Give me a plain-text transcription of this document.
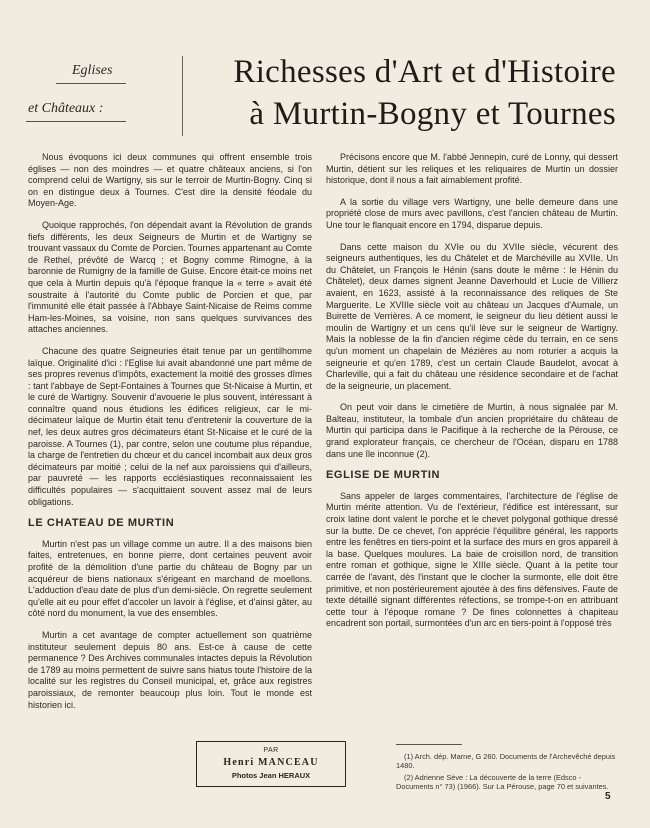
Eglises
et Châteaux :
Richesses d'Art et d'Histoire
à Murtin-Bogny et Tournes

Nous évoquons ici deux communes qui offrent ensemble trois églises — non des moindres — et quatre châteaux anciens, si l'on comprend celui de Wartigny, sis sur le terroir de Murtin-Bogny. Cinq si on en distingue deux à Tournes. C'est dire la densité féodale du Moyen-Age.

Quoique rapprochés, l'on dépendait avant la Révolution de grands fiefs différents, les deux Seigneurs de Murtin et de Wartigny se trouvant vassaux du Comte de Porcien. Tournes appartenant au Comte de Rethel, prévôté de Warcq ; et Bogny comme Rimogne, à la baronnie de Rumigny de la famille de Guise. Encore était-ce moins net que cela à Murtin depuis qu'à l'époque franque la « terre » avait été soustraite à l'autorité du Comte public de Porcien et que, par l'immunité elle était passée à l'Abbaye Saint-Nicaise de Reims comme Ham-les-Moines, sa voisine, non sans quelques survivances des attaches anciennes.

Chacune des quatre Seigneuries était tenue par un gentilhomme laïque. Originalité d'ici : l'Eglise lui avait abandonné une part même de ses propres revenus d'impôts, exactement la moitié des grosses dîmes : tant l'abbaye de Sept-Fontaines à Tournes que St-Nicaise à Murtin, et le curé de Wartigny. Souvenir d'avouerie le plus souvent, intéressant à connaître quand nous étudions les édifices religieux, car le mi-décimateur laïque de Murtin était tenu d'entretenir la couverture de la nef, les deux autres gros décimateurs étant St-Nicaise et le curé de la paroisse. A Tournes (1), par contre, selon une coutume plus répandue, la charge de l'entretien du chœur et du cancel incombait aux deux gros décimateurs par moitié ; celui de la nef aux paroissiens qui d'ailleurs, par pauvreté — les rapports ecclésiastiques reconnaissaient les difficultés populaires — s'acquittaient souvent assez mal de leurs obligations.

LE CHATEAU DE MURTIN

Murtin n'est pas un village comme un autre. Il a des maisons bien faites, entretenues, en bonne pierre, dont certaines peuvent avoir profité de la démolition d'une partie du château de Bogny par un acquéreur de biens nationaux s'érigeant en marchand de moellons. L'adduction d'eau date de plus d'un demi-siècle. On regrette seulement qu'elle ait eu pour effet d'accoler un lavoir à l'église, et d'ainsi gâter, au côté nord du monument, la vue des ensembles.

Murtin a cet avantage de compter actuellement son quatrième instituteur seulement depuis 80 ans. Est-ce à cause de cette permanence ? Des Archives communales intactes depuis la Révolution de 1789 au moins permettent de suivre sans hiatus toute l'histoire de la localité sur les registres du Conseil municipal, et, grâce aux registres paroissiaux, de remonter beaucoup plus loin. Tout le monde est historien ici.

Précisons encore que M. l'abbé Jennepin, curé de Lonny, qui dessert Murtin, détient sur les reliques et les reliquaires de Murtin un dossier historique, dont il nous a fait aimablement profité.

A la sortie du village vers Wartigny, une belle demeure dans une propriété close de murs avec pavillons, c'est l'ancien château de Murtin. Une tour le flanquait encore en 1794, disparue depuis.

Dans cette maison du XVIe ou du XVIIe siècle, vécurent des seigneurs authentiques, les du Châtelet et de Marchéville au XVIIe. Un du Châtelet, un François le Hénin (sans doute le même : le Hénin du Châtelet), deux dames signent Jeanne Daverhould et Lucie de Villierz avaient, en 1623, assisté à la reconnaissance des reliques de Ste Marguerite. Le XVIIIe siècle voit au château un Jacques d'Aumale, un Buirette de Verrières. A ce moment, le seigneur du lieu détient aussi le moulin de Wartigny et un cens qu'il lève sur le seigneur de Wartigny. Mais la noblesse de la fin d'ancien régime cède du terrain, en ce sens qu'un moment un chapelain de Mézières au nom roturier a acquis la seigneurie et qu'en 1789, c'est un certain Claude Baudelot, avocat à Charleville, qui a fait du château une résidence secondaire et de l'achat de la seigneurie, un placement.

On peut voir dans le cimetière de Murtin, à nous signalée par M. Balteau, instituteur, la tombale d'un ancien propriétaire du château de Murtin qui participa dans le Pacifique à la recherche de la Pérouse, ce grand explorateur français, ce chercheur de l'Océan, disparu en 1788 dans une île inconnue (2).

EGLISE DE MURTIN

Sans appeler de larges commentaires, l'architecture de l'église de Murtin mérite attention. Vu de l'extérieur, l'édifice est intéressant, sur croix latine dont valent le porche et le chevet polygonal gothique dressé sur la butte. De ce chevet, l'on apprécie l'équilibre général, les rapports entre les fenêtres en tiers-point et la surface des murs en gros appareil à la base. Quelques moulures. La baie de croisillon nord, de transition entre roman et gothique, signe le XIIIe siècle. Quant à la petite tour carrée de l'avant, dès l'instant que le clocher la surmonte, elle doit être primitive, et non postérieurement ajoutée à des fins défensives. Faute de texte détaillé signant différentes réfections, se trompe-t-on en attribuant cette tour à l'époque romane ? De fines colonnettes à chapiteau encadrent son portail, surmontées d'un arc en tiers-point à l'opposé très

PAR
Henri MANCEAU
Photos Jean HERAUX

(1) Arch. dép. Marne, G 260. Documents de l'Archevêché depuis 1480.

(2) Adrienne Sève : La découverte de la terre (Edsco - Documents n° 73) (1966). Sur La Pérouse, page 70 et suivantes.

5
